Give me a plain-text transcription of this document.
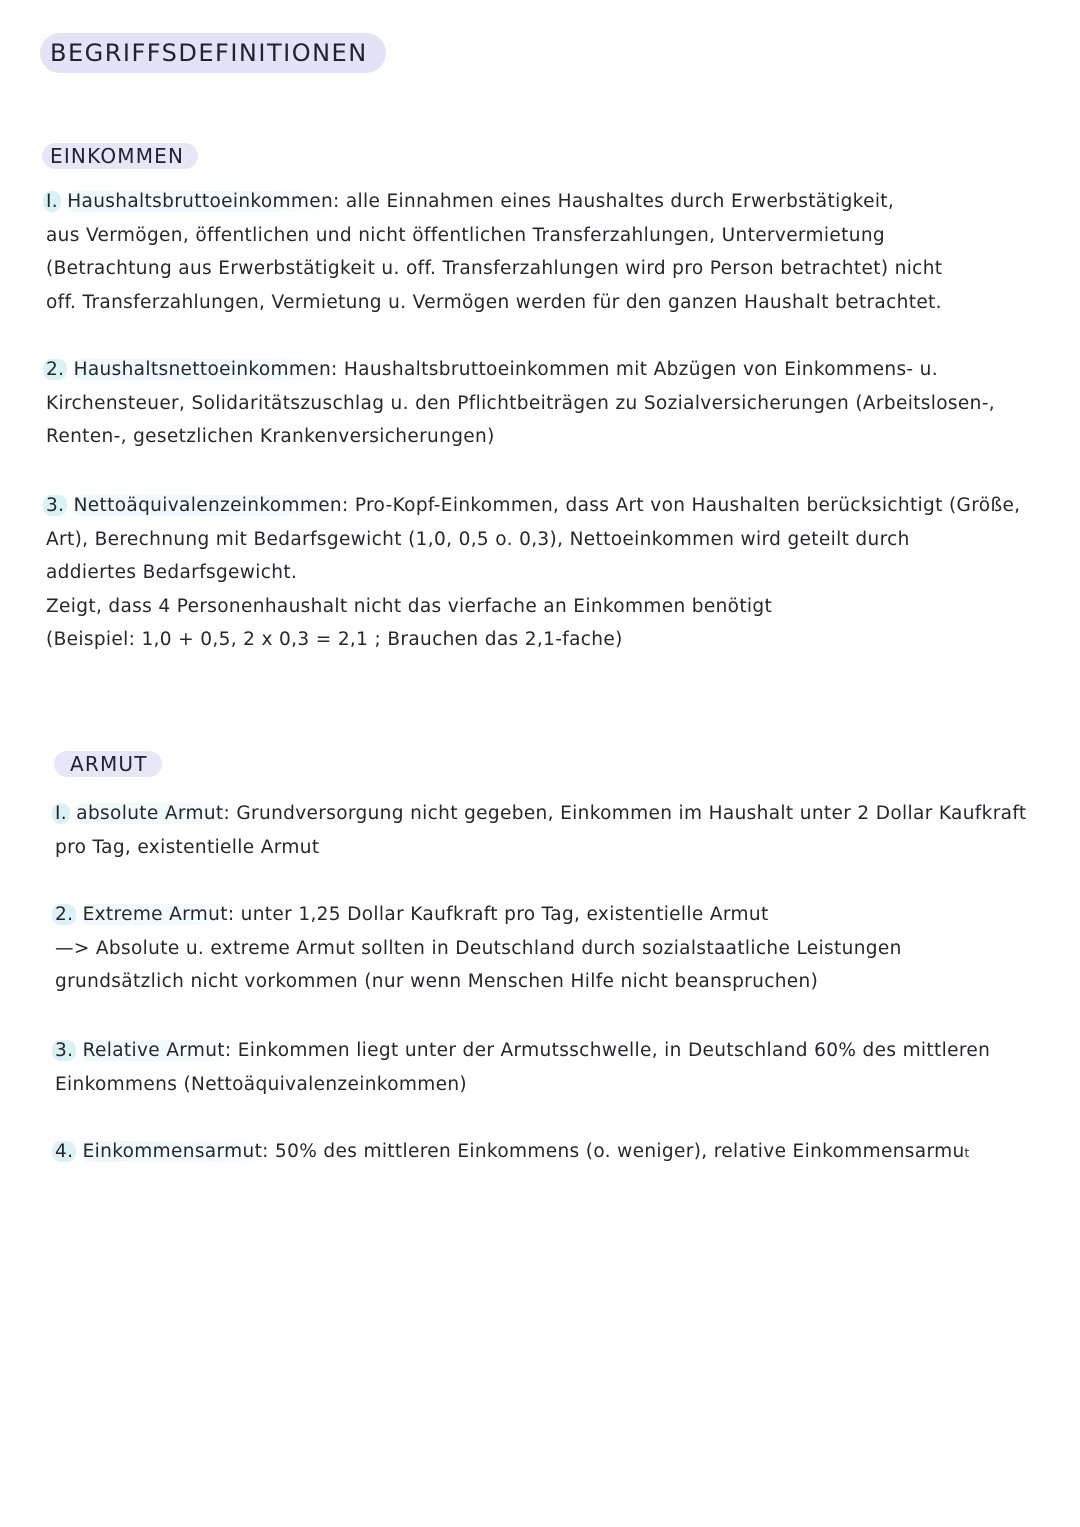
BEGRIFFSDEFINITIONEN
EINKOMMEN
I. Haushaltsbruttoeinkommen: alle Einnahmen eines Haushaltes durch Erwerbstätigkeit,
aus Vermögen, öffentlichen und nicht öffentlichen Transferzahlungen, Untervermietung
(Betrachtung aus Erwerbstätigkeit u. off. Transferzahlungen wird pro Person betrachtet) nicht
off. Transferzahlungen, Vermietung u. Vermögen werden für den ganzen Haushalt betrachtet.
2. Haushaltsnettoeinkommen: Haushaltsbruttoeinkommen mit Abzügen von Einkommens- u.
Kirchensteuer, Solidaritätszuschlag u. den Pflichtbeiträgen zu Sozialversicherungen (Arbeitslosen-,
Renten-, gesetzlichen Krankenversicherungen)
3. Nettoäquivalenzeinkommen: Pro-Kopf-Einkommen, dass Art von Haushalten berücksichtigt (Größe,
Art), Berechnung mit Bedarfsgewicht (1,0, 0,5 o. 0,3), Nettoeinkommen wird geteilt durch
addiertes Bedarfsgewicht.
Zeigt, dass 4 Personenhaushalt nicht das vierfache an Einkommen benötigt
(Beispiel: 1,0 + 0,5, 2 x 0,3 = 2,1 ; Brauchen das 2,1-fache)
ARMUT
I. absolute Armut: Grundversorgung nicht gegeben, Einkommen im Haushalt unter 2 Dollar Kaufkraft
pro Tag, existentielle Armut
2. Extreme Armut: unter 1,25 Dollar Kaufkraft pro Tag, existentielle Armut
—> Absolute u. extreme Armut sollten in Deutschland durch sozialstaatliche Leistungen
grundsätzlich nicht vorkommen (nur wenn Menschen Hilfe nicht beanspruchen)
3. Relative Armut: Einkommen liegt unter der Armutsschwelle, in Deutschland 60% des mittleren
Einkommens (Nettoäquivalenzeinkommen)
4. Einkommensarmut: 50% des mittleren Einkommens (o. weniger), relative Einkommensarmut
